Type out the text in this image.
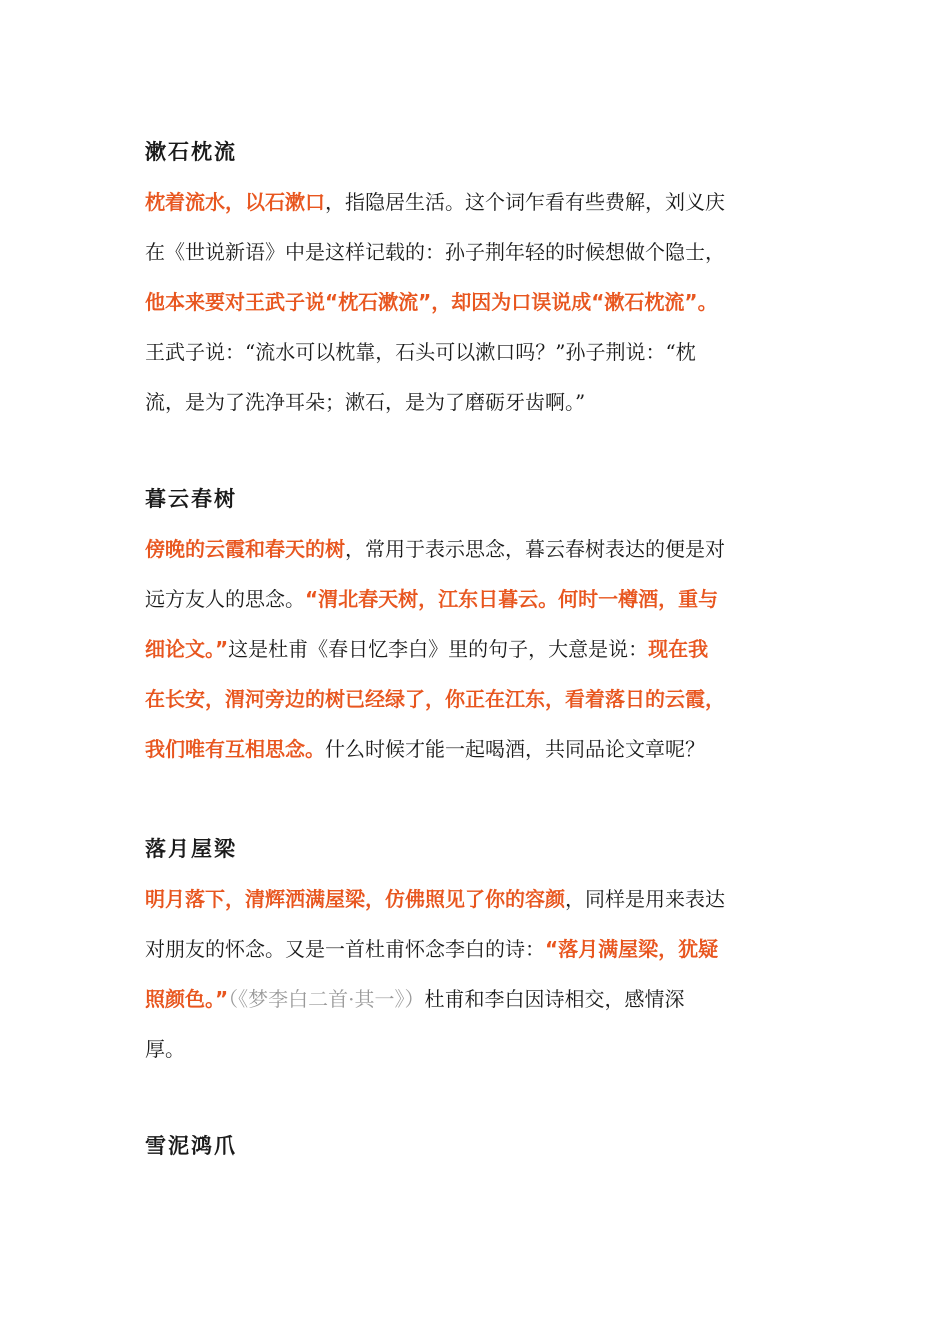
漱石枕流
枕着流水，以石漱口，指隐居生活。这个词乍看有些费解，刘义庆
在《世说新语》中是这样记载的：孙子荆年轻的时候想做个隐士，
他本来要对王武子说“枕石漱流”，却因为口误说成“漱石枕流”。
王武子说：“流水可以枕靠，石头可以漱口吗？”孙子荆说：“枕
流，是为了洗净耳朵；漱石，是为了磨砺牙齿啊。”
暮云春树
傍晚的云霞和春天的树，常用于表示思念，暮云春树表达的便是对
远方友人的思念。“渭北春天树，江东日暮云。何时一樽酒，重与
细论文。”这是杜甫《春日忆李白》里的句子，大意是说：现在我
在长安，渭河旁边的树已经绿了，你正在江东，看着落日的云霞，
我们唯有互相思念。什么时候才能一起喝酒，共同品论文章呢？
落月屋梁
明月落下，清辉洒满屋梁，仿佛照见了你的容颜，同样是用来表达
对朋友的怀念。又是一首杜甫怀念李白的诗：“落月满屋梁，犹疑
照颜色。”（《梦李白二首·其一》）杜甫和李白因诗相交，感情深
厚。
雪泥鸿爪
